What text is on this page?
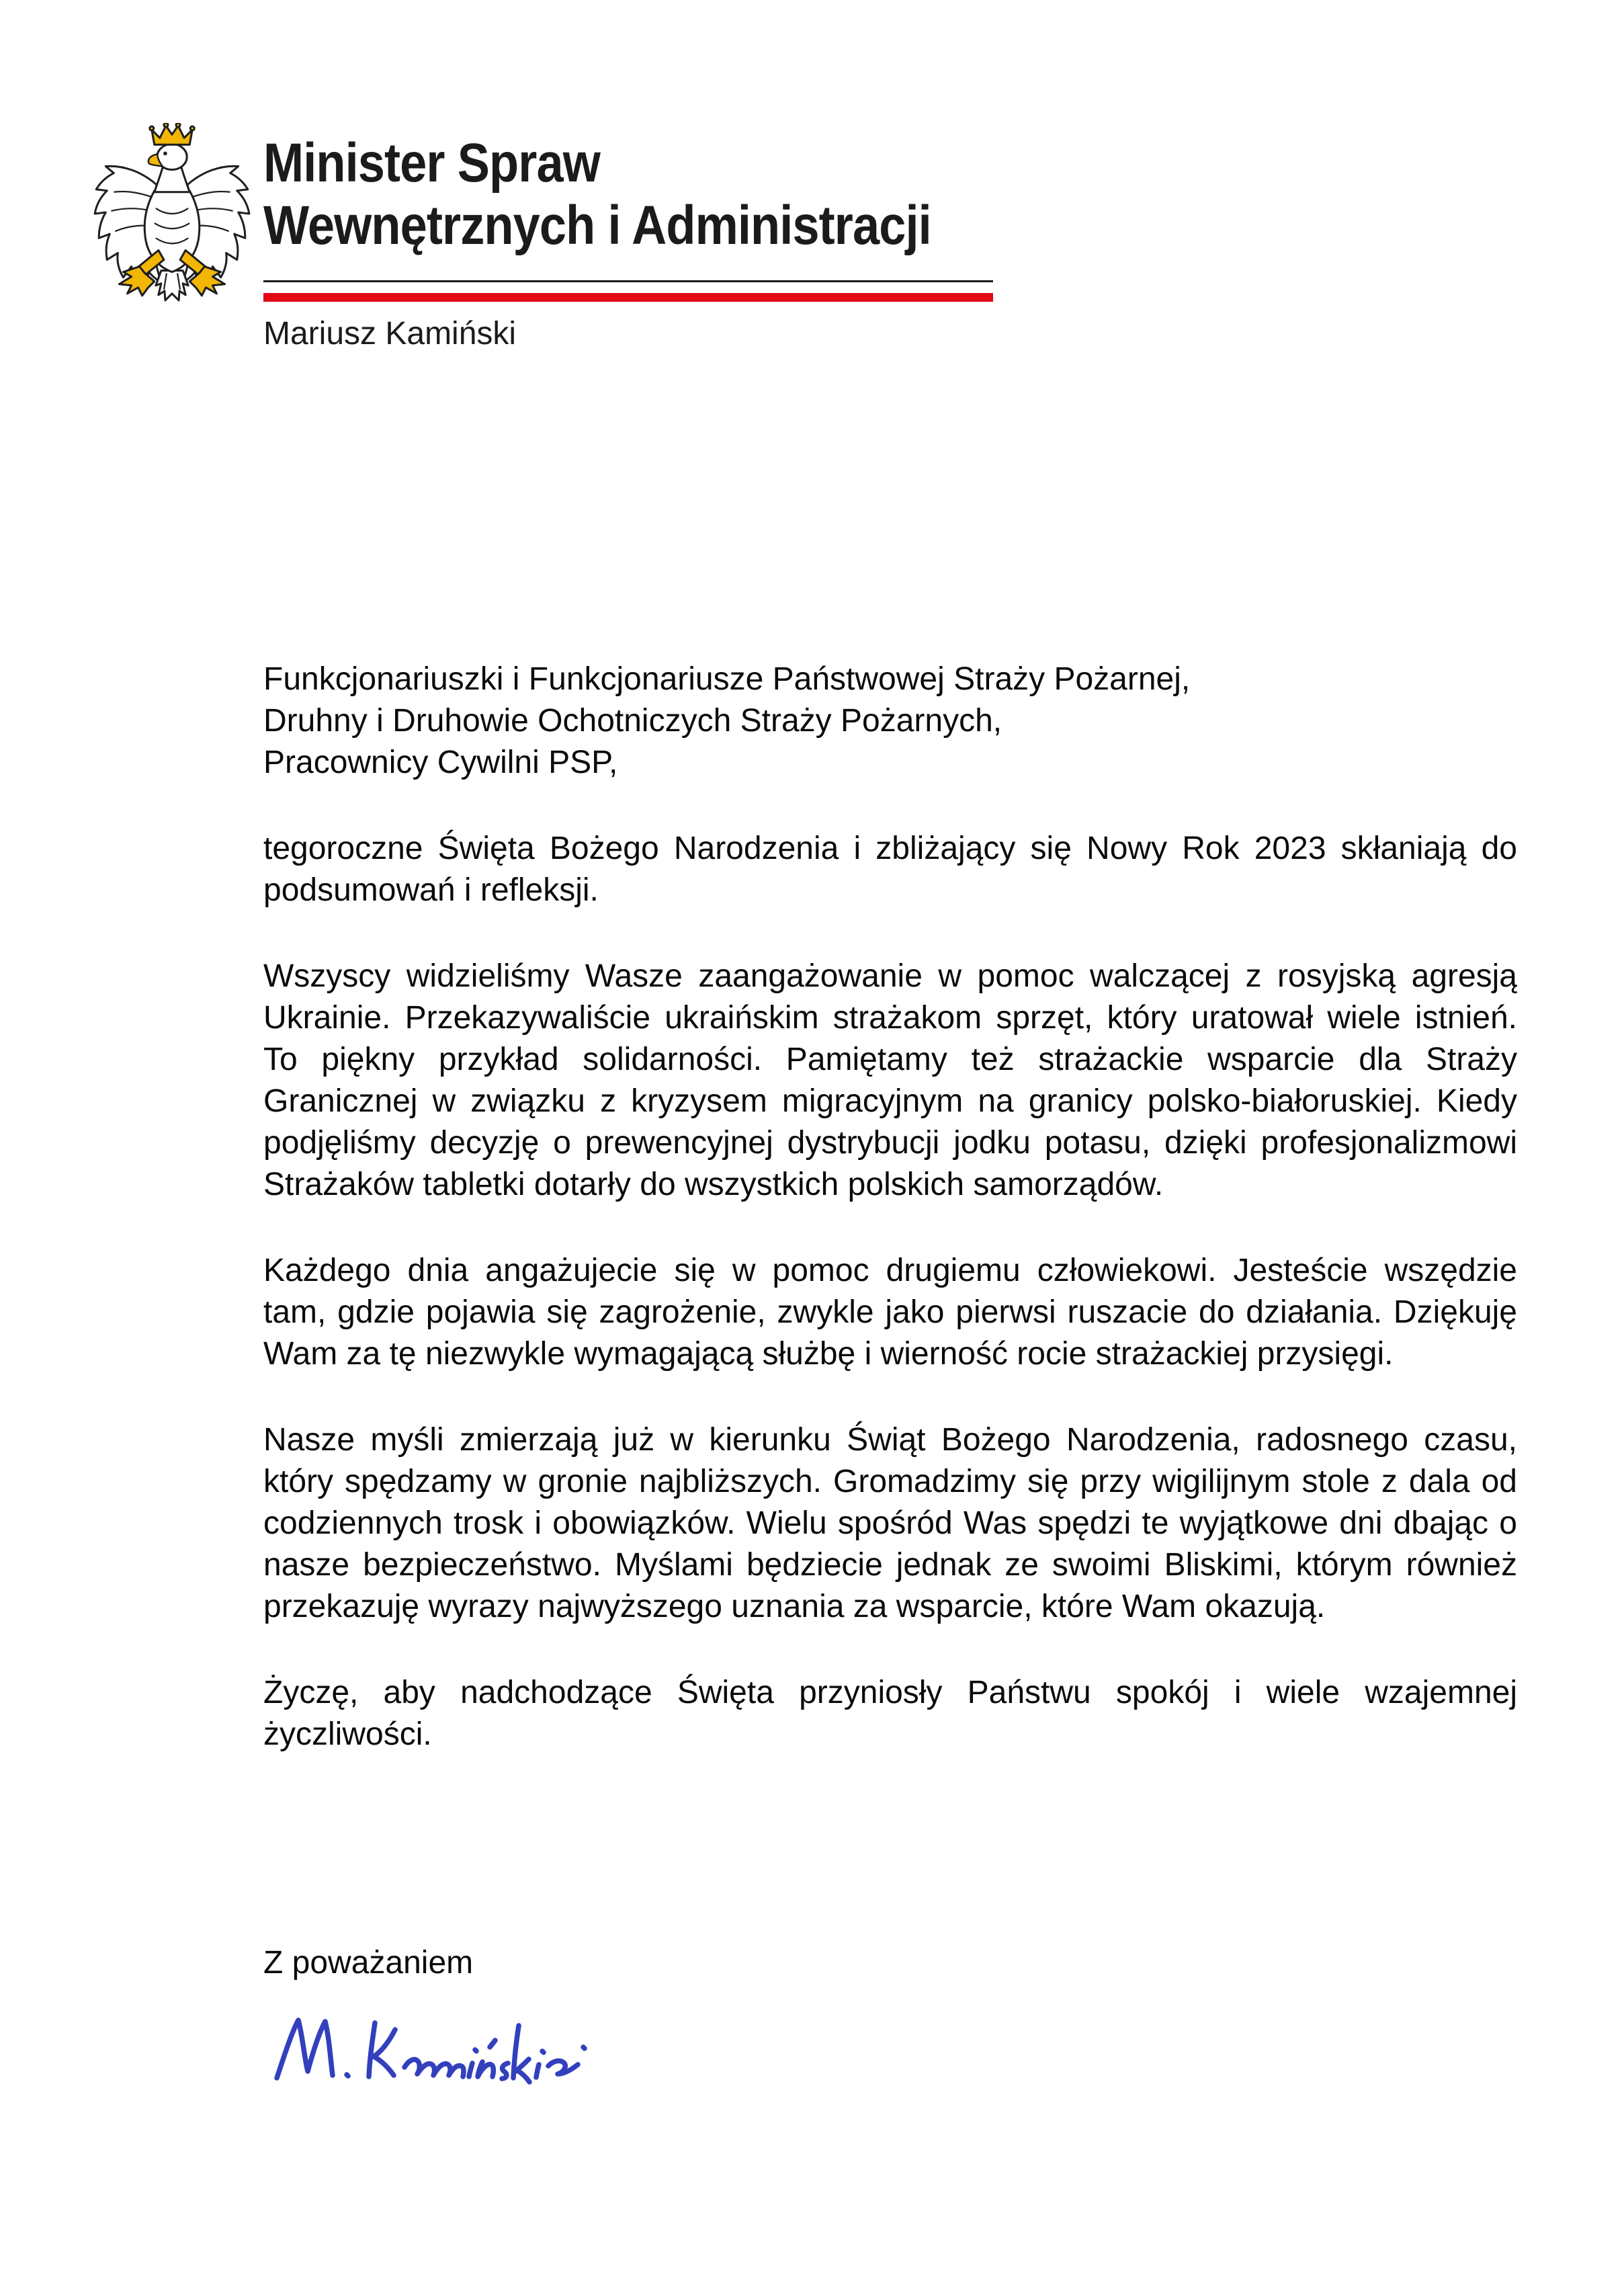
Minister Spraw
Wewnętrznych i Administracji
Mariusz Kamiński
Funkcjonariuszki i Funkcjonariusze Państwowej Straży Pożarnej,
Druhny i Druhowie Ochotniczych Straży Pożarnych,
Pracownicy Cywilni PSP,

tegoroczne Święta Bożego Narodzenia i zbliżający się Nowy Rok 2023 skłaniają do podsumowań i refleksji.

Wszyscy widzieliśmy Wasze zaangażowanie w pomoc walczącej z rosyjską agresją Ukrainie. Przekazywaliście ukraińskim strażakom sprzęt, który uratował wiele istnień. To piękny przykład solidarności. Pamiętamy też strażackie wsparcie dla Straży Granicznej w związku z kryzysem migracyjnym na granicy polsko-białoruskiej. Kiedy podjęliśmy decyzję o prewencyjnej dystrybucji jodku potasu, dzięki profesjonalizmowi Strażaków tabletki dotarły do wszystkich polskich samorządów.

Każdego dnia angażujecie się w pomoc drugiemu człowiekowi. Jesteście wszędzie tam, gdzie pojawia się zagrożenie, zwykle jako pierwsi ruszacie do działania. Dziękuję Wam za tę niezwykle wymagającą służbę i wierność rocie strażackiej przysięgi.

Nasze myśli zmierzają już w kierunku Świąt Bożego Narodzenia, radosnego czasu, który spędzamy w gronie najbliższych. Gromadzimy się przy wigilijnym stole z dala od codziennych trosk i obowiązków. Wielu spośród Was spędzi te wyjątkowe dni dbając o nasze bezpieczeństwo. Myślami będziecie jednak ze swoimi Bliskimi, którym również przekazuję wyrazy najwyższego uznania za wsparcie, które Wam okazują.

Życzę, aby nadchodzące Święta przyniosły Państwu spokój i wiele wzajemnej życzliwości.

Z poważaniem
